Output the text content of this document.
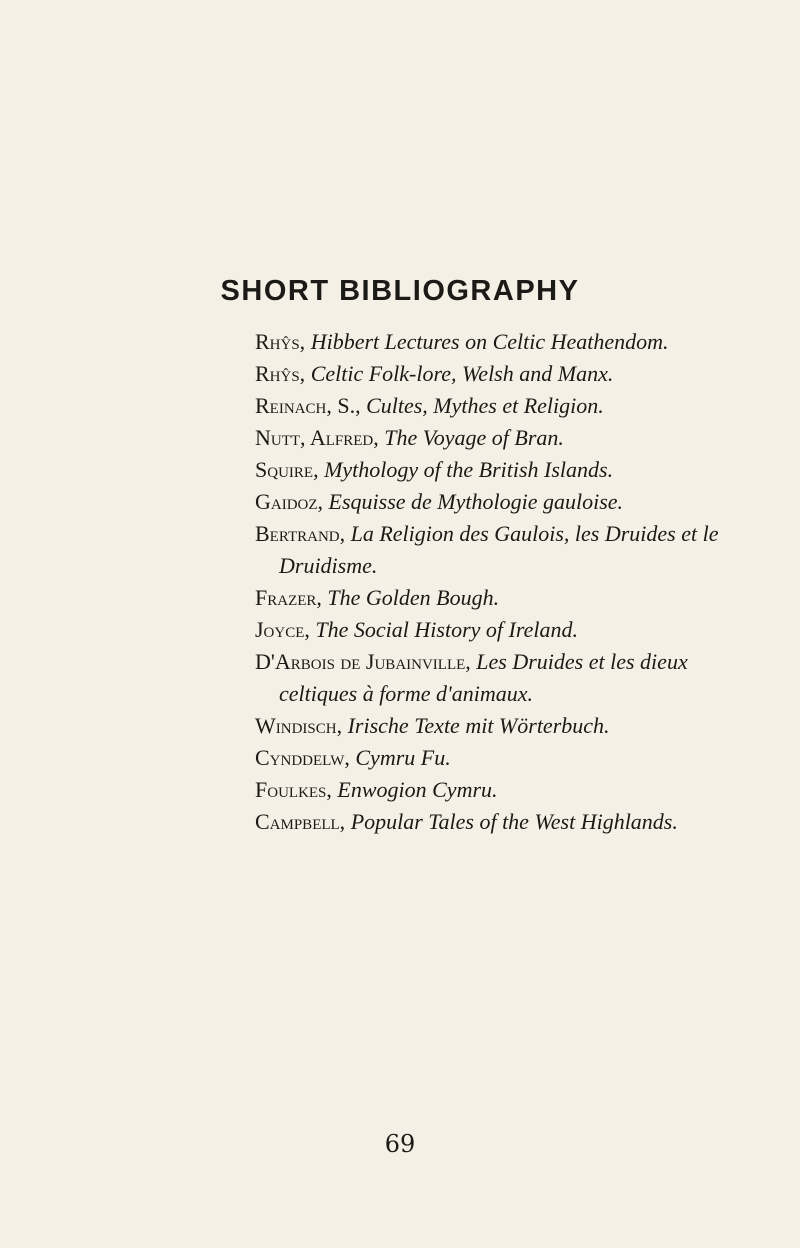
SHORT BIBLIOGRAPHY
Rhŷs, Hibbert Lectures on Celtic Heathendom.
Rhŷs, Celtic Folk-lore, Welsh and Manx.
Reinach, S., Cultes, Mythes et Religion.
Nutt, Alfred, The Voyage of Bran.
Squire, Mythology of the British Islands.
Gaidoz, Esquisse de Mythologie gauloise.
Bertrand, La Religion des Gaulois, les Druides et le Druidisme.
Frazer, The Golden Bough.
Joyce, The Social History of Ireland.
D'Arbois de Jubainville, Les Druides et les dieux celtiques à forme d'animaux.
Windisch, Irische Texte mit Wörterbuch.
Cynddelw, Cymru Fu.
Foulkes, Enwogion Cymru.
Campbell, Popular Tales of the West Highlands.
69
